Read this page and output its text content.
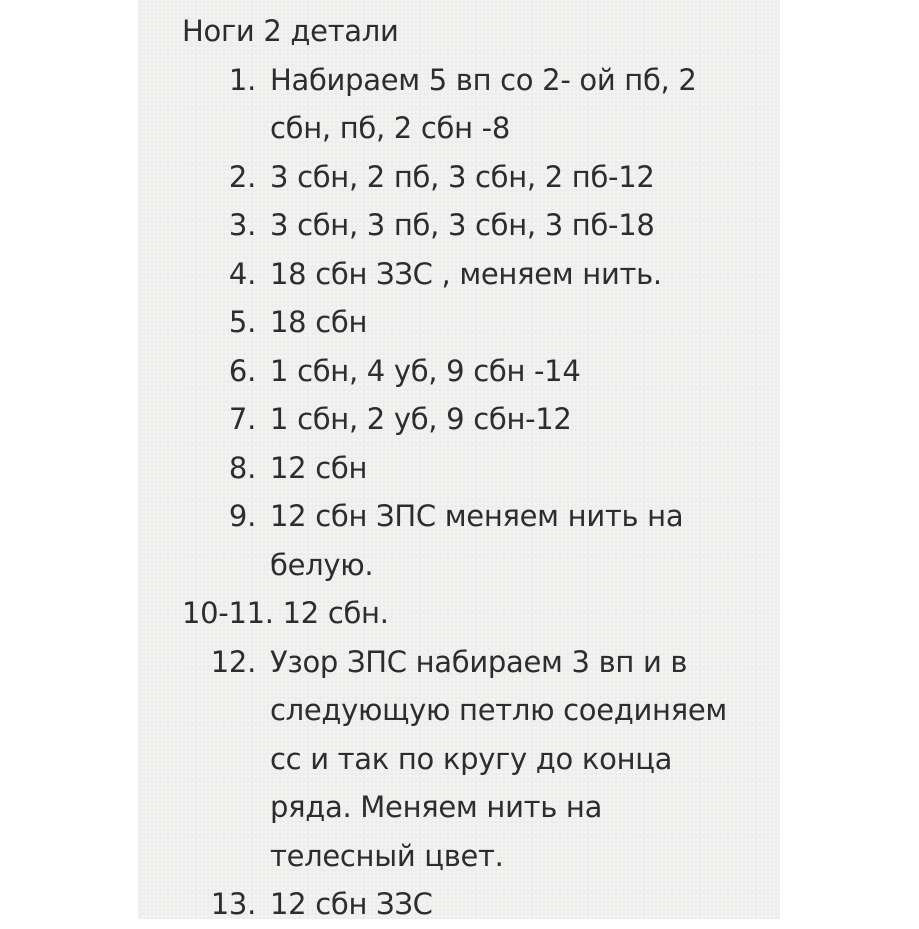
Ноги 2 детали
1. Набираем 5 вп со 2- ой пб, 2 сбн, пб, 2 сбн -8
2. 3 сбн, 2 пб, 3 сбн, 2 пб-12
3. 3 сбн, 3 пб, 3 сбн, 3 пб-18
4. 18 сбн ЗЗС , меняем нить.
5. 18 сбн
6. 1 сбн, 4 уб, 9 сбн -14
7. 1 сбн, 2 уб, 9 сбн-12
8. 12 сбн
9. 12 сбн ЗПС меняем нить на белую.
10-11. 12 сбн.
12. Узор ЗПС набираем 3 вп и в следующую петлю соединяем сс и так по кругу до конца ряда. Меняем нить на телесный цвет.
13. 12 сбн ЗЗС
